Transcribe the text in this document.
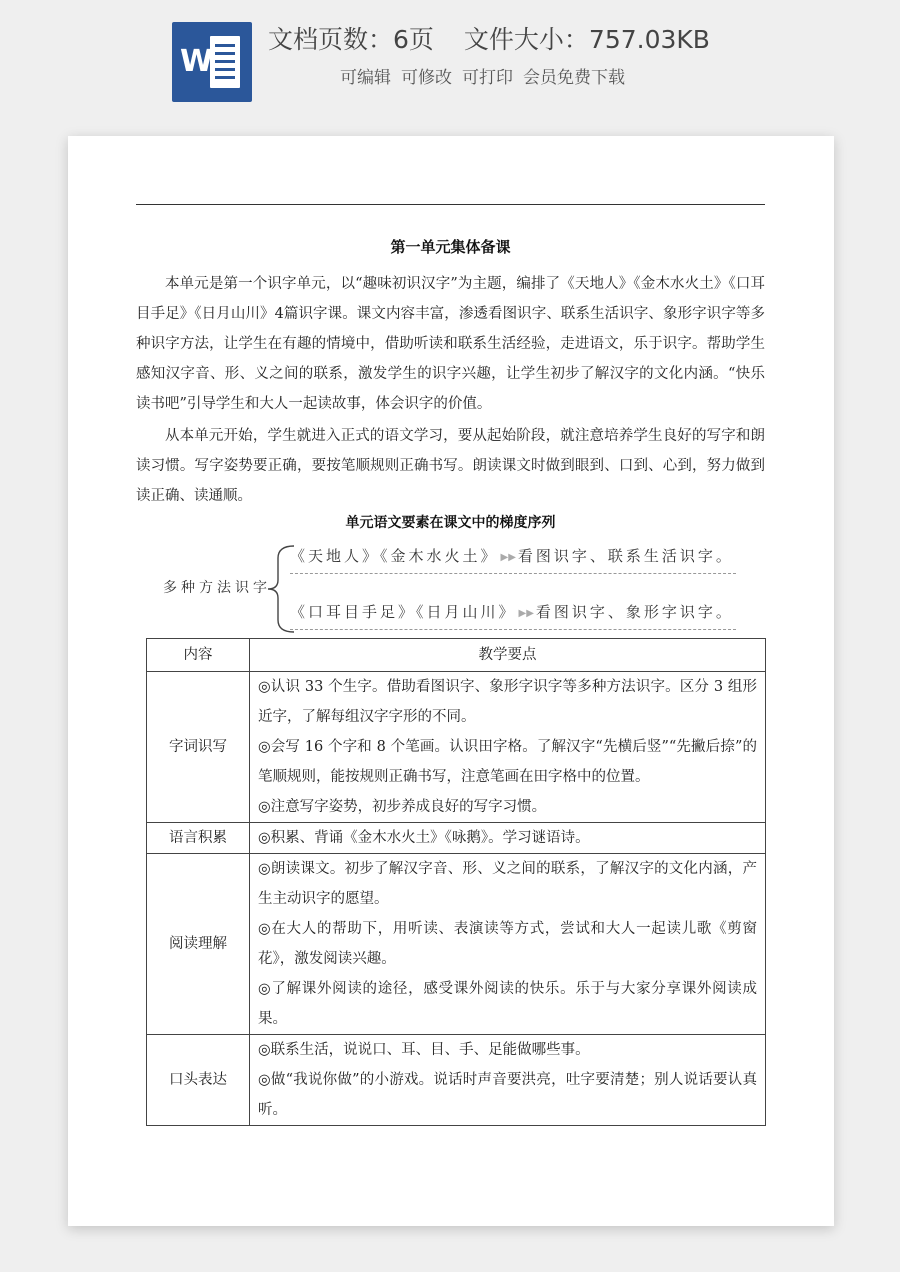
W
文档页数：6页 文件大小：757.03KB
可编辑 可修改 可打印 会员免费下载
第一单元集体备课

本单元是第一个识字单元，以“趣味初识汉字”为主题，编排了《天地人》《金木水火土》《口耳目手足》《日月山川》4篇识字课。课文内容丰富，渗透看图识字、联系生活识字、象形字识字等多种识字方法，让学生在有趣的情境中，借助听读和联系生活经验，走进语文，乐于识字。帮助学生感知汉字音、形、义之间的联系，激发学生的识字兴趣，让学生初步了解汉字的文化内涵。“快乐读书吧”引导学生和大人一起读故事，体会识字的价值。

从本单元开始，学生就进入正式的语文学习，要从起始阶段，就注意培养学生良好的写字和朗读习惯。写字姿势要正确，要按笔顺规则正确书写。朗读课文时做到眼到、口到、心到，努力做到读正确、读通顺。

单元语文要素在课文中的梯度序列
多种方法识字
《天地人》《金木水火土》 ▶▶ 看图识字、联系生活识字。
《口耳目手足》《日月山川》 ▶▶ 看图识字、象形字识字。
内容	教学要点
字词识写	◎认识 33 个生字。借助看图识字、象形字识字等多种方法识字。区分 3 组形近字，了解每组汉字字形的不同。
◎会写 16 个字和 8 个笔画。认识田字格。了解汉字“先横后竖”“先撇后捺”的笔顺规则，能按规则正确书写，注意笔画在田字格中的位置。
◎注意写字姿势，初步养成良好的写字习惯。

语言积累	◎积累、背诵《金木水火土》《咏鹅》。学习谜语诗。

阅读理解	◎朗读课文。初步了解汉字音、形、义之间的联系，了解汉字的文化内涵，产生主动识字的愿望。
◎在大人的帮助下，用听读、表演读等方式，尝试和大人一起读儿歌《剪窗花》，激发阅读兴趣。
◎了解课外阅读的途径，感受课外阅读的快乐。乐于与大家分享课外阅读成果。

口头表达	◎联系生活，说说口、耳、目、手、足能做哪些事。
◎做“我说你做”的小游戏。说话时声音要洪亮，吐字要清楚；别人说话要认真听。
